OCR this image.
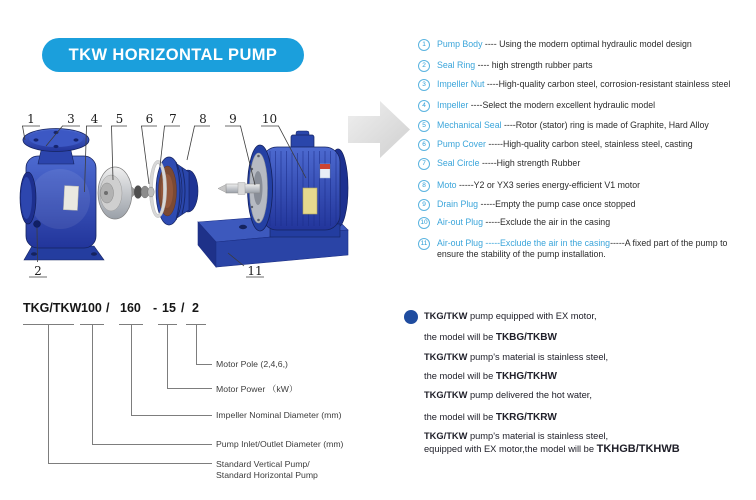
TKW HORIZONTAL PUMP
1	3 4 5 6 7 8 9 10
2	11
1	Pump Body ---- Using the modern optimal hydraulic model design
2	Seal Ring ---- high strength rubber parts
3	Impeller Nut ----High-quality carbon steel, corrosion-resistant stainless steel
4	Impeller ----Select the modern excellent hydraulic model
5	Mechanical Seal ----Rotor (stator) ring is made of Graphite, Hard Alloy
6	Pump Cover -----High-quality carbon steel, stainless steel, casting
7	Seal Circle -----High strength Rubber
8	Moto -----Y2 or YX3 series energy-efficient V1 motor
9	Drain Plug -----Empty the pump case once stopped
10	Air-out Plug -----Exclude the air in the casing
11	Air-out Plug -----Exclude the air in the casing-----A fixed part of the pump to ensure the stability of the pump installation.
TKG/TKW 100 / 160 - 15 / 2
Motor Pole (2,4,6,)
Motor Power （kW）
Impeller Nominal Diameter (mm)
Pump Inlet/Outlet Diameter (mm)
Standard Vertical Pump/
Standard Horizontal Pump
TKG/TKW pump equipped with EX motor,
the model will be TKBG/TKBW
TKG/TKW pump's material is stainless steel,
the model will be TKHG/TKHW
TKG/TKW pump delivered the hot water,
the model will be TKRG/TKRW
TKG/TKW pump's material is stainless steel,
equipped with EX motor,the model will be TKHGB/TKHWB
